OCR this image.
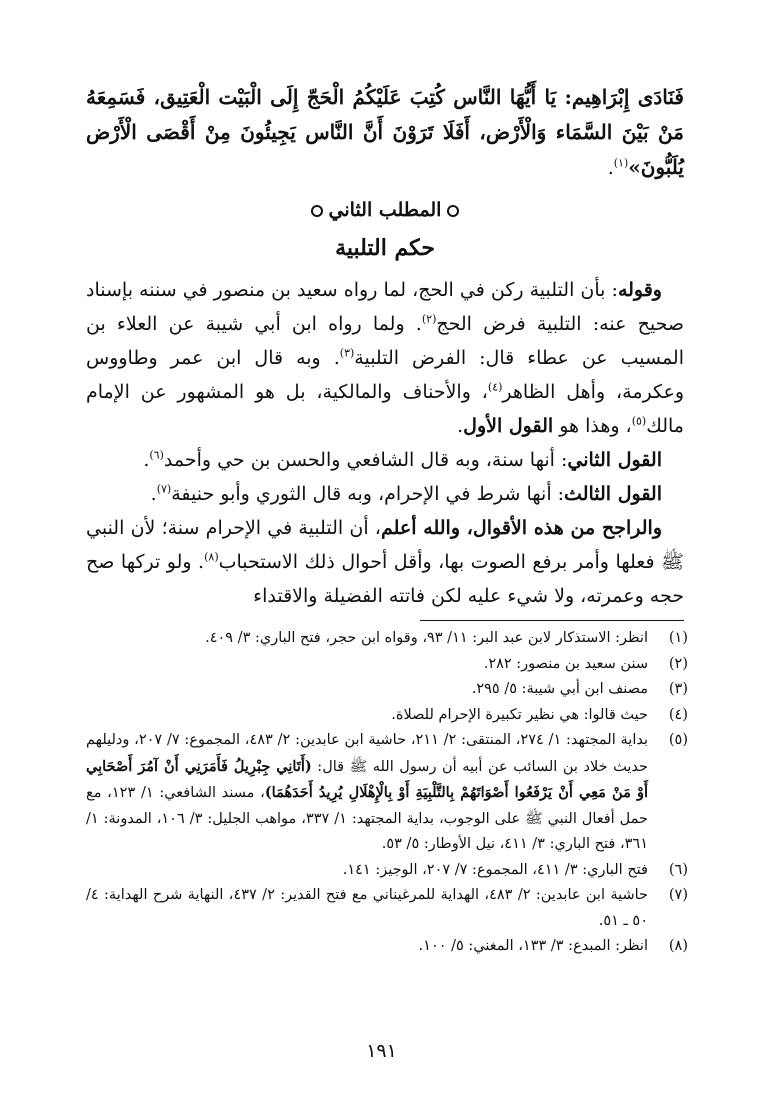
فَنَادَى إِبْرَاهِيم: يَا أَيُّهَا النَّاس كُتِبَ عَلَيْكُمُ الْحَجّ إِلَى الْبَيْت الْعَتِيق، فَسَمِعَهُ مَنْ بَيْنَ السَّمَاء وَالْأَرْض، أَفَلَا تَرَوْنَ أَنَّ النَّاس يَجِيئُونَ مِنْ أَقْصَى الْأَرْض يُلَبُّونَ»$^{(١)}$.

المطلب الثاني
حكم التلبية

وقوله: بأن التلبية ركن في الحج، لما رواه سعيد بن منصور في سننه بإسناد صحيح عنه: التلبية فرض الحج$^{(٢)}$. ولما رواه ابن أبي شيبة عن العلاء بن المسيب عن عطاء قال: الفرض التلبية$^{(٣)}$. وبه قال ابن عمر وطاووس وعكرمة، وأهل الظاهر$^{(٤)}$، والأحناف والمالكية، بل هو المشهور عن الإمام مالك$^{(٥)}$، وهذا هو القول الأول.

القول الثاني: أنها سنة، وبه قال الشافعي والحسن بن حي وأحمد$^{(٦)}$.

القول الثالث: أنها شرط في الإحرام، وبه قال الثوري وأبو حنيفة$^{(٧)}$.

والراجح من هذه الأقوال، والله أعلم، أن التلبية في الإحرام سنة؛ لأن النبي ﷺ فعلها وأمر برفع الصوت بها، وأقل أحوال ذلك الاستحباب$^{(٨)}$. ولو تركها صح حجه وعمرته، ولا شيء عليه لكن فاتته الفضيلة والاقتداء

(١)
انظر: الاستذكار لابن عبد البر: ١١/ ٩٣، وقواه ابن حجر، فتح الباري: ٣/ ٤٠٩.
(٢)
سنن سعيد بن منصور: ٢٨٢.
(٣)
مصنف ابن أبي شيبة: ٥/ ٢٩٥.
(٤)
حيث قالوا: هي نظير تكبيرة الإحرام للصلاة.
(٥)
بداية المجتهد: ١/ ٢٧٤، المنتقى: ٢/ ٢١١، حاشية ابن عابدين: ٢/ ٤٨٣، المجموع: ٧/ ٢٠٧، ودليلهم حديث خلاد بن السائب عن أبيه أن رسول الله ﷺ قال: (أَتَانِي جِبْرِيلُ فَأَمَرَنِي أَنْ آمُرَ أَصْحَابِي أَوْ مَنْ مَعِي أَنْ يَرْفَعُوا أَصْوَاتَهُمْ بِالتَّلْبِيَةِ أَوْ بِالْإِهْلَالِ يُرِيدُ أَحَدَهُمَا)، مسند الشافعي: ١/ ١٢٣، مع حمل أفعال النبي ﷺ على الوجوب، بداية المجتهد: ١/ ٣٣٧، مواهب الجليل: ٣/ ١٠٦، المدونة: ١/ ٣٦١، فتح الباري: ٣/ ٤١١، نيل الأوطار: ٥/ ٥٣.
(٦)
فتح الباري: ٣/ ٤١١، المجموع: ٧/ ٢٠٧، الوجيز: ١٤١.
(٧)
حاشية ابن عابدين: ٢/ ٤٨٣، الهداية للمرغيناني مع فتح القدير: ٢/ ٤٣٧، النهاية شرح الهداية: ٤/ ٥٠ ـ ٥١.
(٨)
انظر: المبدع: ٣/ ١٣٣، المغني: ٥/ ١٠٠.
١٩١
